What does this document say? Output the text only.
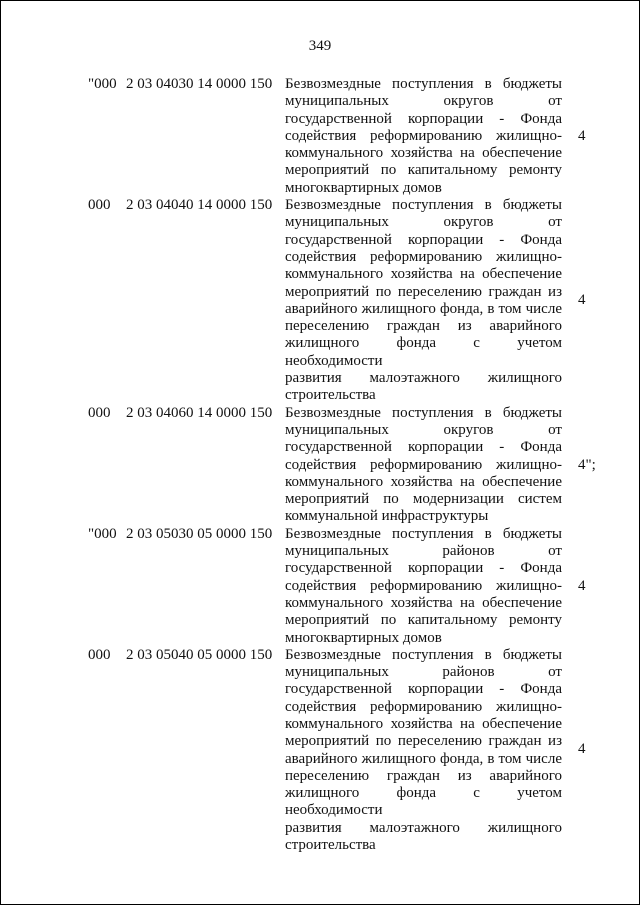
349
"000 2 03 04030 14 0000 150 Безвозмездные поступления в бюджеты
муниципальных округов от
государственной корпорации - Фонда
содействия реформированию жилищно-
коммунального хозяйства на обеспечение
мероприятий по капитальному ремонту
многоквартирных домов
4
000 2 03 04040 14 0000 150 Безвозмездные поступления в бюджеты
муниципальных округов от
государственной корпорации - Фонда
содействия реформированию жилищно-
коммунального хозяйства на обеспечение
мероприятий по переселению граждан из
аварийного жилищного фонда, в том числе
переселению граждан из аварийного
жилищного фонда с учетом необходимости
развития малоэтажного жилищного
строительства
4
000 2 03 04060 14 0000 150 Безвозмездные поступления в бюджеты
муниципальных округов от
государственной корпорации - Фонда
содействия реформированию жилищно-
коммунального хозяйства на обеспечение
мероприятий по модернизации систем
коммунальной инфраструктуры
4";
"000 2 03 05030 05 0000 150 Безвозмездные поступления в бюджеты
муниципальных районов от
государственной корпорации - Фонда
содействия реформированию жилищно-
коммунального хозяйства на обеспечение
мероприятий по капитальному ремонту
многоквартирных домов
4
000 2 03 05040 05 0000 150 Безвозмездные поступления в бюджеты
муниципальных районов от
государственной корпорации - Фонда
содействия реформированию жилищно-
коммунального хозяйства на обеспечение
мероприятий по переселению граждан из
аварийного жилищного фонда, в том числе
переселению граждан из аварийного
жилищного фонда с учетом необходимости
развития малоэтажного жилищного
строительства
4
